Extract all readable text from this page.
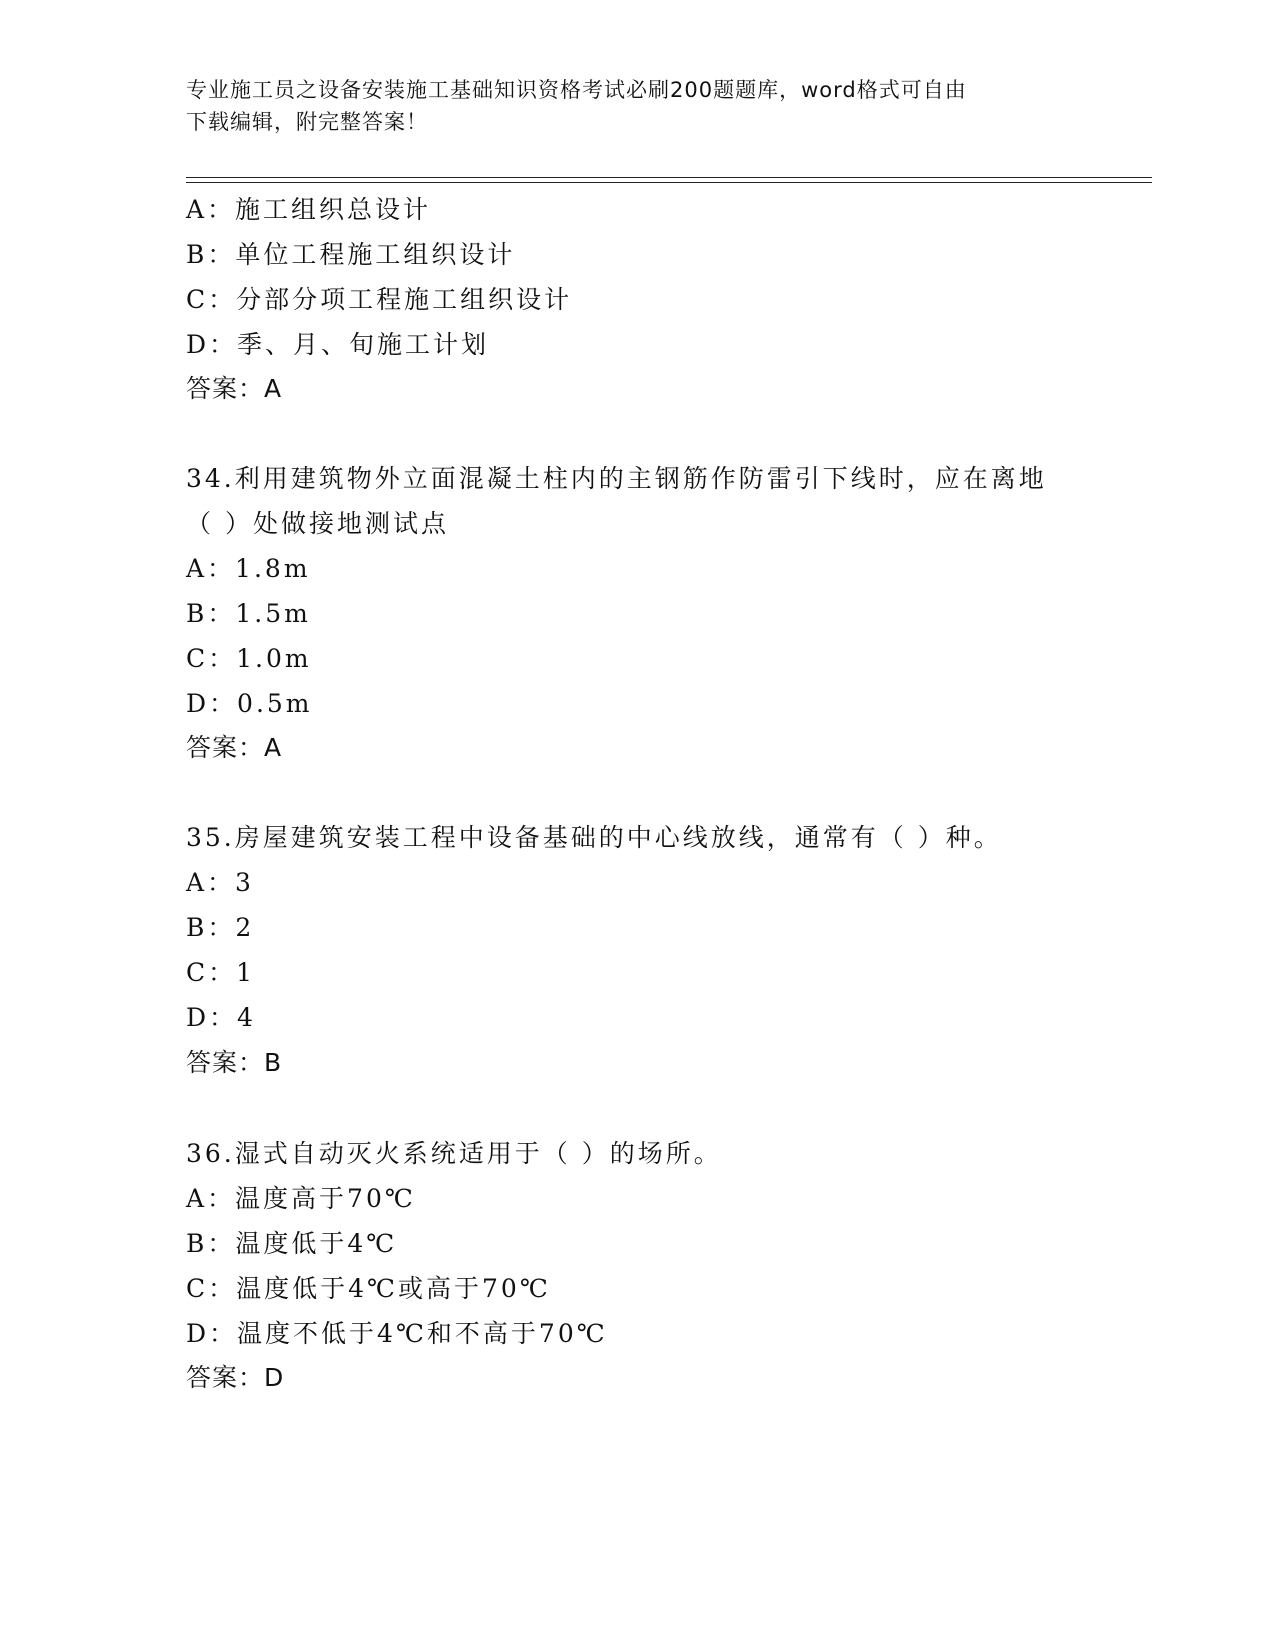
专业施工员之设备安装施工基础知识资格考试必刷200题题库，word格式可自由
下载编辑，附完整答案！
A：施工组织总设计
B：单位工程施工组织设计
C：分部分项工程施工组织设计
D：季、月、旬施工计划
答案：A
34.利用建筑物外立面混凝土柱内的主钢筋作防雷引下线时，应在离地
（ ）处做接地测试点
A：1.8m
B：1.5m
C：1.0m
D：0.5m
答案：A
35.房屋建筑安装工程中设备基础的中心线放线，通常有（ ）种。
A：3
B：2
C：1
D：4
答案：B
36.湿式自动灭火系统适用于（ ）的场所。
A：温度高于70℃
B：温度低于4℃
C：温度低于4℃或高于70℃
D：温度不低于4℃和不高于70℃
答案：D
